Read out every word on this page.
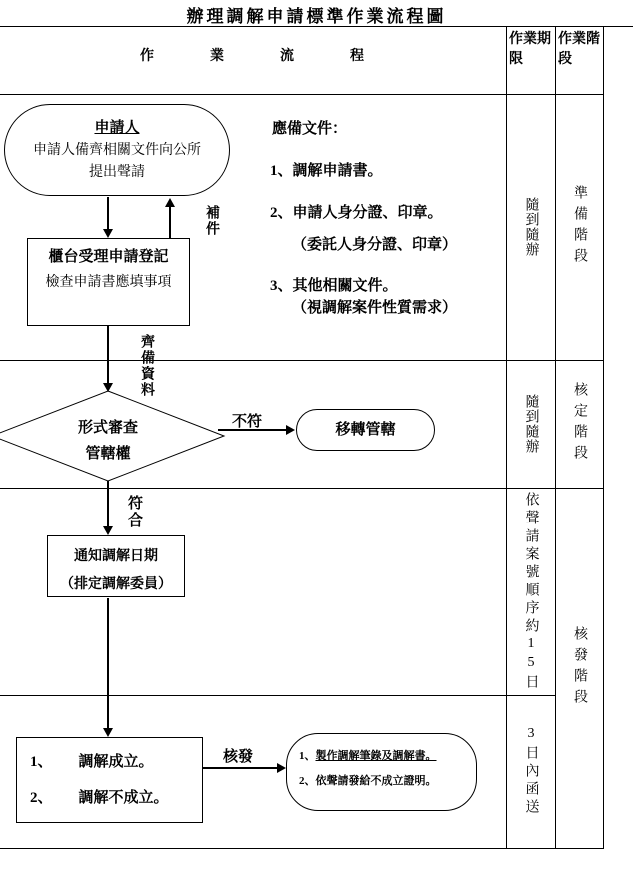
辦理調解申請標準作業流程圖
作業流程
作業期限
作業階段
申請人
申請人備齊相關文件向公所
提出聲請
補件
櫃台受理申請登記
檢查申請書應填事項
應備文件：
1、調解申請書。
2、申請人身分證、印章。
（委託人身分證、印章）
3、其他相關文件。
（視調解案件性質需求）
齊備資料
形式審查
管轄權
不符	移轉管轄
符合
通知調解日期
（排定調解委員）
1、 調解成立。
2、 調解不成立。
核發	1、製作調解筆錄及調解書。
2、依聲請發給不成立證明。
隨到隨辦
隨到隨辦
依聲請案號順序約15日
3日內函送
準備階段
核定階段
核發階段
